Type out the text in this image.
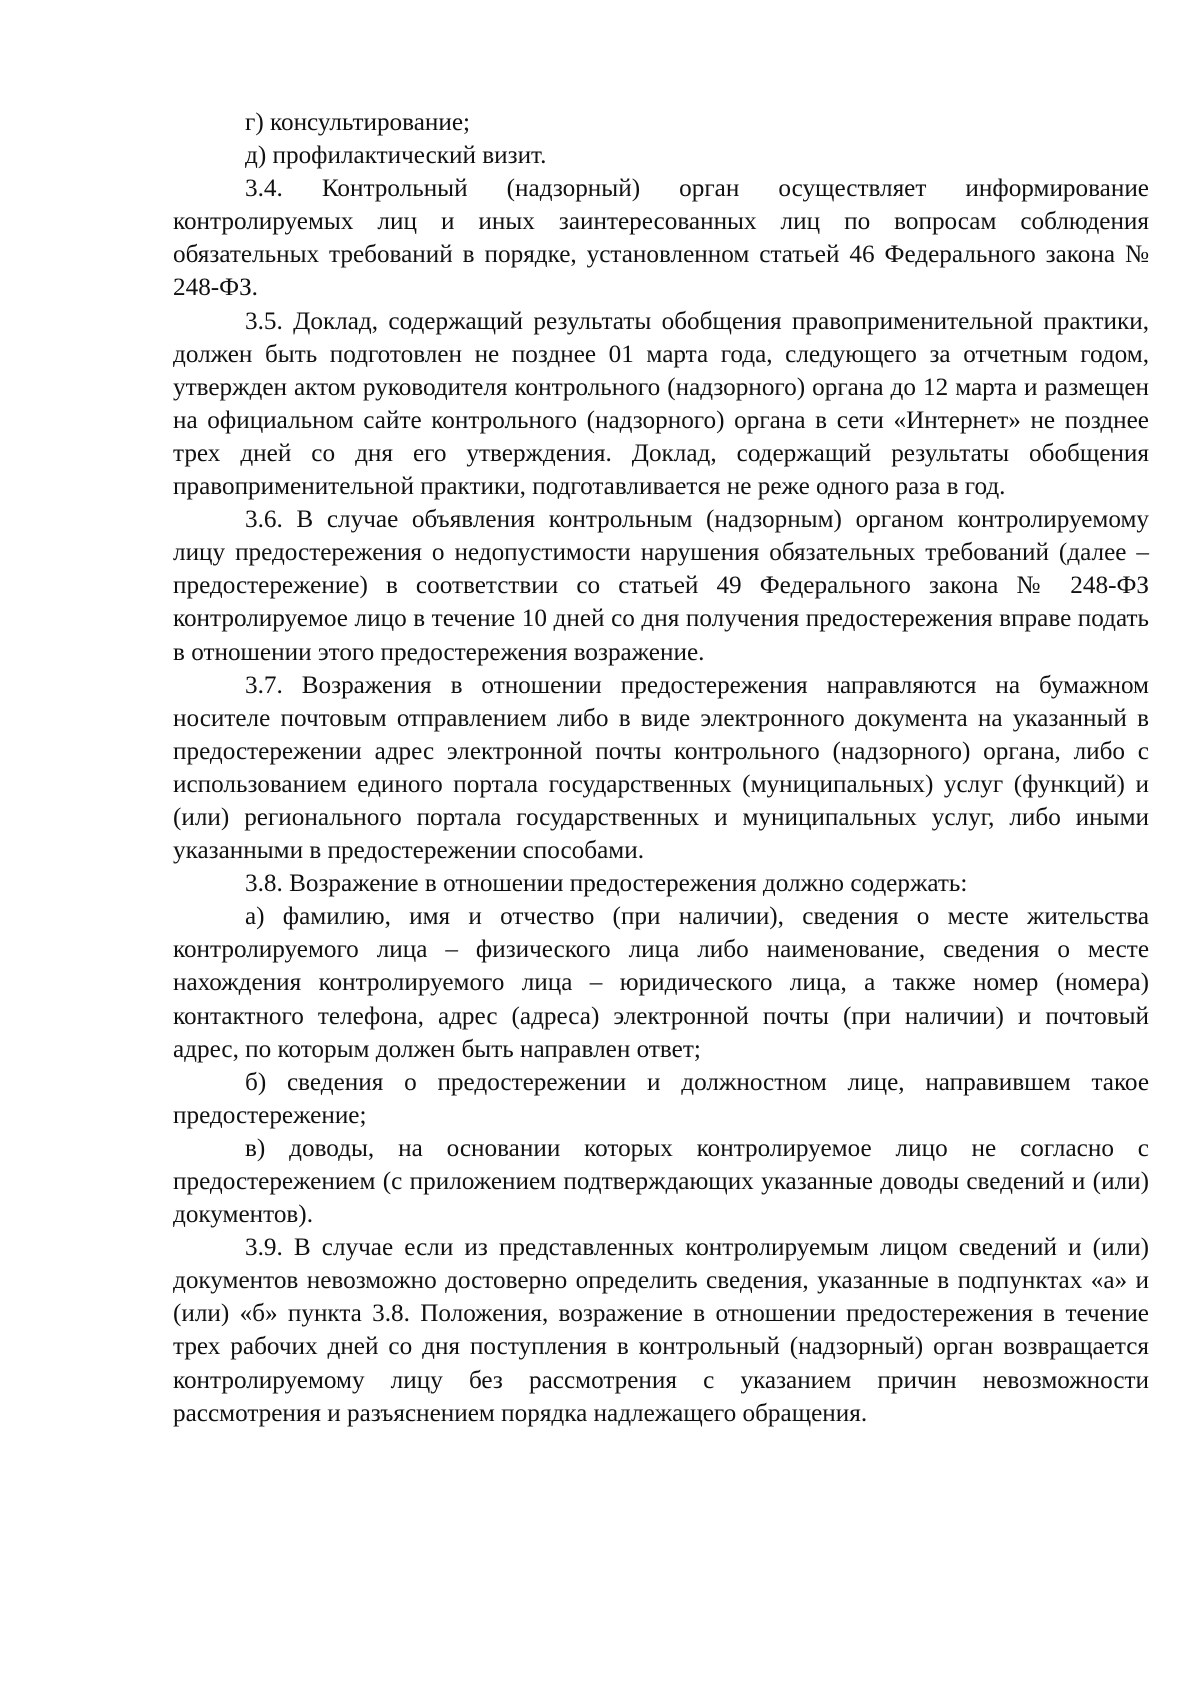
г) консультирование;

д) профилактический визит.

3.4. Контрольный (надзорный) орган осуществляет информирование контролируемых лиц и иных заинтересованных лиц по вопросам соблюдения обязательных требований в порядке, установленном статьей 46 Федерального закона № 248-ФЗ.

3.5. Доклад, содержащий результаты обобщения правоприменительной практики, должен быть подготовлен не позднее 01 марта года, следующего за отчетным годом, утвержден актом руководителя контрольного (надзорного) органа до 12 марта и размещен на официальном сайте контрольного (надзорного) органа в сети «Интернет» не позднее трех дней со дня его утверждения. Доклад, содержащий результаты обобщения правоприменительной практики, подготавливается не реже одного раза в год.

3.6. В случае объявления контрольным (надзорным) органом контролируемому лицу предостережения о недопустимости нарушения обязательных требований (далее – предостережение) в соответствии со статьей 49 Федерального закона № 248-ФЗ контролируемое лицо в течение 10 дней со дня получения предостережения вправе подать в отношении этого предостережения возражение.

3.7. Возражения в отношении предостережения направляются на бумажном носителе почтовым отправлением либо в виде электронного документа на указанный в предостережении адрес электронной почты контрольного (надзорного) органа, либо с использованием единого портала государственных (муниципальных) услуг (функций) и (или) регионального портала государственных и муниципальных услуг, либо иными указанными в предостережении способами.

3.8. Возражение в отношении предостережения должно содержать:

а) фамилию, имя и отчество (при наличии), сведения о месте жительства контролируемого лица – физического лица либо наименование, сведения о месте нахождения контролируемого лица – юридического лица, а также номер (номера) контактного телефона, адрес (адреса) электронной почты (при наличии) и почтовый адрес, по которым должен быть направлен ответ;

б) сведения о предостережении и должностном лице, направившем такое предостережение;

в) доводы, на основании которых контролируемое лицо не согласно с предостережением (с приложением подтверждающих указанные доводы сведений и (или) документов).

3.9. В случае если из представленных контролируемым лицом сведений и (или) документов невозможно достоверно определить сведения, указанные в подпунктах «а» и (или) «б» пункта 3.8. Положения, возражение в отношении предостережения в течение трех рабочих дней со дня поступления в контрольный (надзорный) орган возвращается контролируемому лицу без рассмотрения с указанием причин невозможности рассмотрения и разъяснением порядка надлежащего обращения.
